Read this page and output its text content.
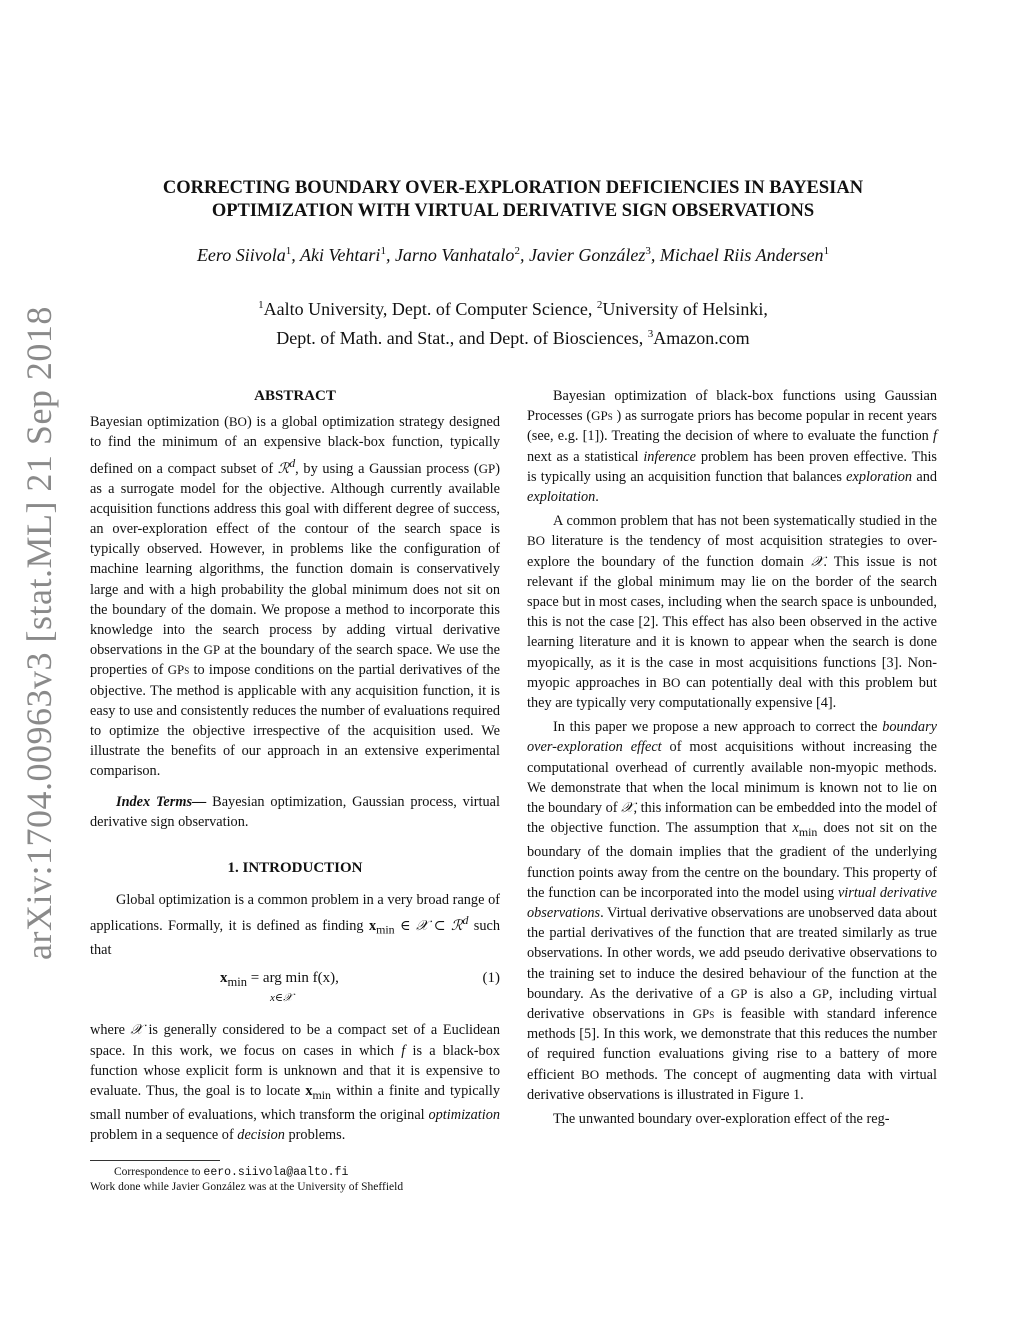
arXiv:1704.00963v3 [stat.ML] 21 Sep 2018
CORRECTING BOUNDARY OVER-EXPLORATION DEFICIENCIES IN BAYESIAN
OPTIMIZATION WITH VIRTUAL DERIVATIVE SIGN OBSERVATIONS
Eero Siivola$^1$, Aki Vehtari$^1$, Jarno Vanhatalo$^2$, Javier González$^3$, Michael Riis Andersen$^1$
$^1$Aalto University, Dept. of Computer Science, $^2$University of Helsinki,
Dept. of Math. and Stat., and Dept. of Biosciences, $^3$Amazon.com
ABSTRACT

Bayesian optimization (BO) is a global optimization strategy designed to find the minimum of an expensive black-box function, typically defined on a compact subset of ℛ$^d$, by using a Gaussian process (GP) as a surrogate model for the objective. Although currently available acquisition functions address this goal with different degree of success, an over-exploration effect of the contour of the search space is typically observed. However, in problems like the configuration of machine learning algorithms, the function domain is conservatively large and with a high probability the global minimum does not sit on the boundary of the domain. We propose a method to incorporate this knowledge into the search process by adding virtual derivative observations in the GP at the boundary of the search space. We use the properties of GPs to impose conditions on the partial derivatives of the objective. The method is applicable with any acquisition function, it is easy to use and consistently reduces the number of evaluations required to optimize the objective irrespective of the acquisition used. We illustrate the benefits of our approach in an extensive experimental comparison.

Index Terms— Bayesian optimization, Gaussian process, virtual derivative sign observation.

1. INTRODUCTION

Global optimization is a common problem in a very broad range of applications. Formally, it is defined as finding $x_{min}$ ∈ 𝒳 ⊂ ℛ$^d$ such that

$x_{min}$ = arg min f(x),
x∈𝒳
(1)

where 𝒳 is generally considered to be a compact set of a Euclidean space. In this work, we focus on cases in which f is a black-box function whose explicit form is unknown and that it is expensive to evaluate. Thus, the goal is to locate $x_{min}$ within a finite and typically small number of evaluations, which transform the original optimization problem in a sequence of decision problems.

Correspondence to eero.siivola@aalto.fi
Work done while Javier González was at the University of Sheffield

Bayesian optimization of black-box functions using Gaussian Processes (GPs ) as surrogate priors has become popular in recent years (see, e.g. [1]). Treating the decision of where to evaluate the function f next as a statistical inference problem has been proven effective. This is typically using an acquisition function that balances exploration and exploitation.

A common problem that has not been systematically studied in the BO literature is the tendency of most acquisition strategies to over-explore the boundary of the function domain 𝒳. This issue is not relevant if the global minimum may lie on the border of the search space but in most cases, including when the search space is unbounded, this is not the case [2]. This effect has also been observed in the active learning literature and it is known to appear when the search is done myopically, as it is the case in most acquisitions functions [3]. Non-myopic approaches in BO can potentially deal with this problem but they are typically very computationally expensive [4].

In this paper we propose a new approach to correct the boundary over-exploration effect of most acquisitions without increasing the computational overhead of currently available non-myopic methods. We demonstrate that when the local minimum is known not to lie on the boundary of 𝒳, this information can be embedded into the model of the objective function. The assumption that $x_{min}$ does not sit on the boundary of the domain implies that the gradient of the underlying function points away from the centre on the boundary. This property of the function can be incorporated into the model using virtual derivative observations. Virtual derivative observations are unobserved data about the partial derivatives of the function that are treated similarly as true observations. In other words, we add pseudo derivative observations to the training set to induce the desired behaviour of the function at the boundary. As the derivative of a GP is also a GP, including virtual derivative observations in GPs is feasible with standard inference methods [5]. In this work, we demonstrate that this reduces the number of required function evaluations giving rise to a battery of more efficient BO methods. The concept of augmenting data with virtual derivative observations is illustrated in Figure 1.

The unwanted boundary over-exploration effect of the reg-
